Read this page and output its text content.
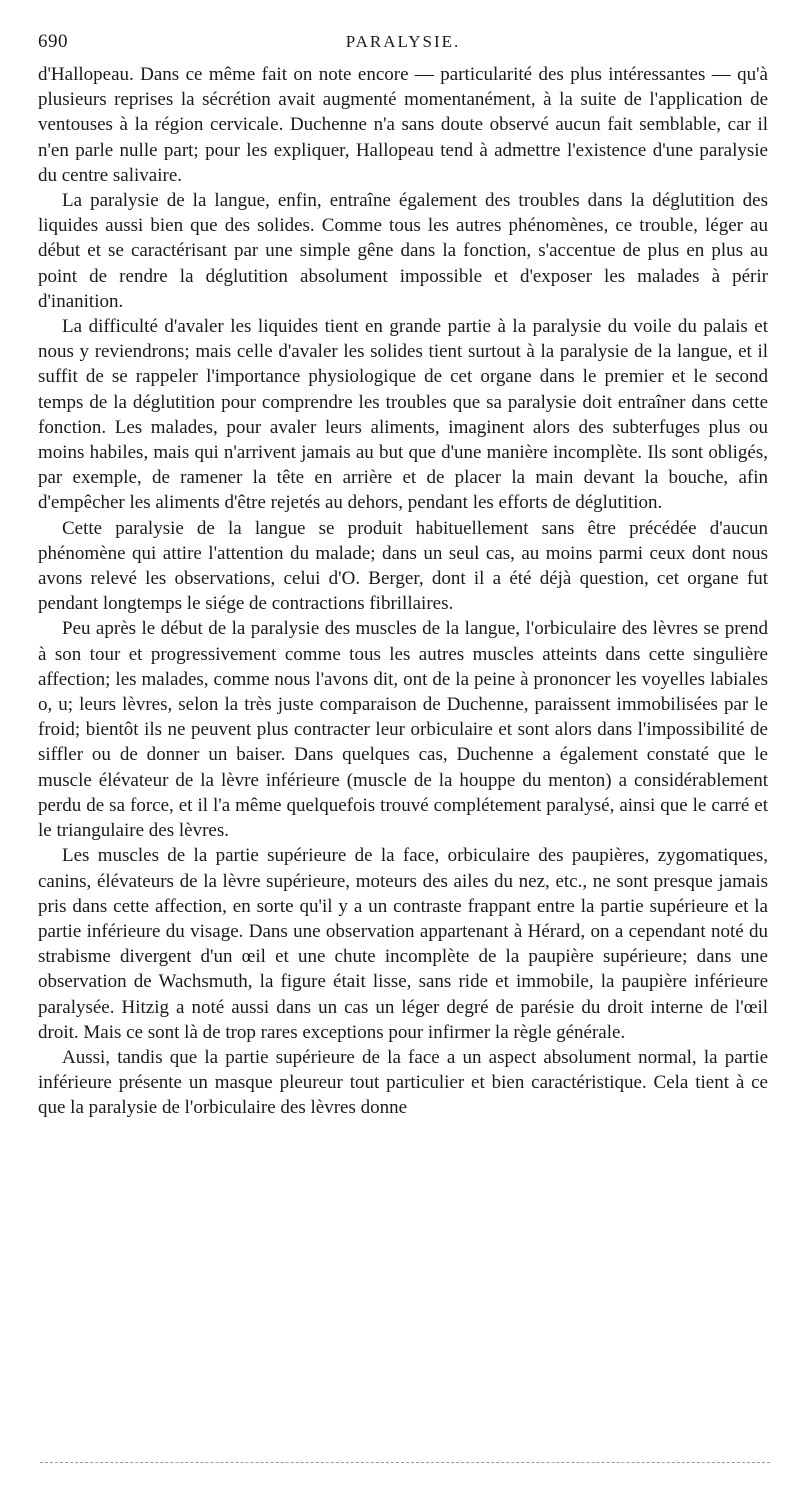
690	PARALYSIE.

d'Hallopeau. Dans ce même fait on note encore — particularité des plus intéressantes — qu'à plusieurs reprises la sécrétion avait augmenté momentanément, à la suite de l'application de ventouses à la région cervicale. Duchenne n'a sans doute observé aucun fait semblable, car il n'en parle nulle part; pour les expliquer, Hallopeau tend à admettre l'existence d'une paralysie du centre salivaire.

La paralysie de la langue, enfin, entraîne également des troubles dans la déglutition des liquides aussi bien que des solides. Comme tous les autres phénomènes, ce trouble, léger au début et se caractérisant par une simple gêne dans la fonction, s'accentue de plus en plus au point de rendre la déglutition absolument impossible et d'exposer les malades à périr d'inanition.

La difficulté d'avaler les liquides tient en grande partie à la paralysie du voile du palais et nous y reviendrons; mais celle d'avaler les solides tient surtout à la paralysie de la langue, et il suffit de se rappeler l'importance physiologique de cet organe dans le premier et le second temps de la déglutition pour comprendre les troubles que sa paralysie doit entraîner dans cette fonction. Les malades, pour avaler leurs aliments, imaginent alors des subterfuges plus ou moins habiles, mais qui n'arrivent jamais au but que d'une manière incomplète. Ils sont obligés, par exemple, de ramener la tête en arrière et de placer la main devant la bouche, afin d'empêcher les aliments d'être rejetés au dehors, pendant les efforts de déglutition.

Cette paralysie de la langue se produit habituellement sans être précédée d'aucun phénomène qui attire l'attention du malade; dans un seul cas, au moins parmi ceux dont nous avons relevé les observations, celui d'O. Berger, dont il a été déjà question, cet organe fut pendant longtemps le siége de contractions fibrillaires.

Peu après le début de la paralysie des muscles de la langue, l'orbiculaire des lèvres se prend à son tour et progressivement comme tous les autres muscles atteints dans cette singulière affection; les malades, comme nous l'avons dit, ont de la peine à prononcer les voyelles labiales o, u; leurs lèvres, selon la très juste comparaison de Duchenne, paraissent immobilisées par le froid; bientôt ils ne peuvent plus contracter leur orbiculaire et sont alors dans l'impossibilité de siffler ou de donner un baiser. Dans quelques cas, Duchenne a également constaté que le muscle élévateur de la lèvre inférieure (muscle de la houppe du menton) a considérablement perdu de sa force, et il l'a même quelquefois trouvé complétement paralysé, ainsi que le carré et le triangulaire des lèvres.

Les muscles de la partie supérieure de la face, orbiculaire des paupières, zygomatiques, canins, élévateurs de la lèvre supérieure, moteurs des ailes du nez, etc., ne sont presque jamais pris dans cette affection, en sorte qu'il y a un contraste frappant entre la partie supérieure et la partie inférieure du visage. Dans une observation appartenant à Hérard, on a cependant noté du strabisme divergent d'un œil et une chute incomplète de la paupière supérieure; dans une observation de Wachsmuth, la figure était lisse, sans ride et immobile, la paupière inférieure paralysée. Hitzig a noté aussi dans un cas un léger degré de parésie du droit interne de l'œil droit. Mais ce sont là de trop rares exceptions pour infirmer la règle générale.

Aussi, tandis que la partie supérieure de la face a un aspect absolument normal, la partie inférieure présente un masque pleureur tout particulier et bien caractéristique. Cela tient à ce que la paralysie de l'orbiculaire des lèvres donne
